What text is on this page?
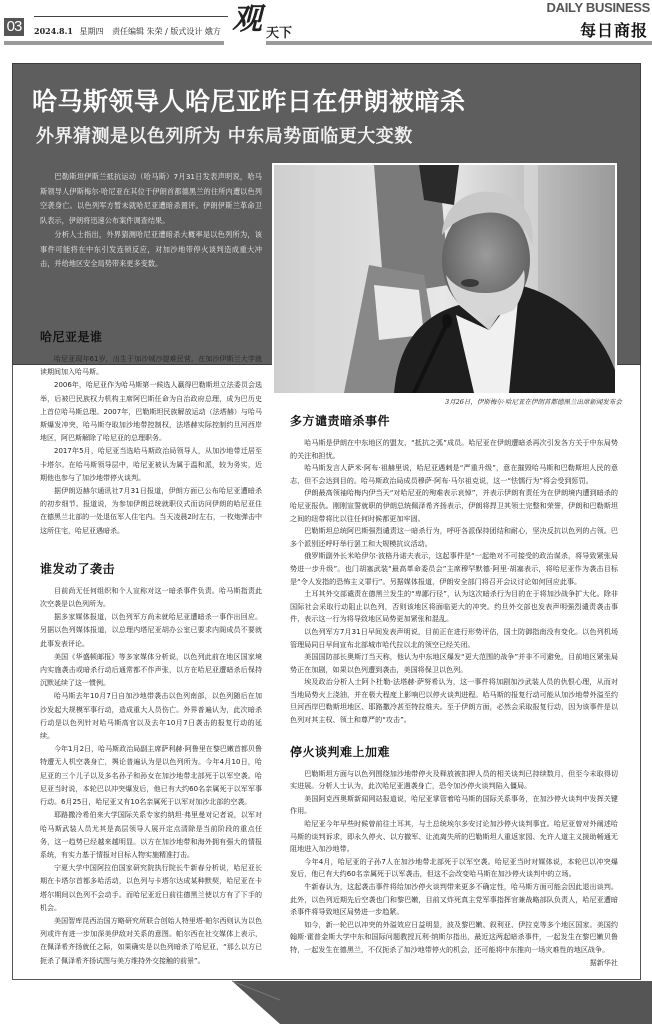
03	2024.8.1 星期四 责任编辑 朱荣 / 版式设计 娥方 观 天下
DAILY BUSINESS
每日商报
哈马斯领导人哈尼亚昨日在伊朗被暗杀
外界猜测是以色列所为 中东局势面临更大变数

巴勒斯坦伊斯兰抵抗运动（哈马斯）7月31日发表声明说，哈马斯领导人伊斯梅尔·哈尼亚在其位于伊朗首都德黑兰的住所内遭以色列空袭身亡。以色列军方暂未就哈尼亚遭暗杀置评。伊朗伊斯兰革命卫队表示，伊朗将迅速公布案件调查结果。

分析人士指出，外界猜测哈尼亚遭暗杀大概率是以色列所为，该事件可能将在中东引发连锁反应，对加沙地带停火谈判造成重大冲击，并给地区安全局势带来更多变数。

3月26日，伊斯梅尔·哈尼亚在伊朗首都德黑兰出席新闻发布会
哈尼亚是谁

哈尼亚现年61岁，出生于加沙城沙提难民营，在加沙伊斯兰大学就读期间加入哈马斯。

2006年，哈尼亚作为哈马斯第一候选人赢得巴勒斯坦立法委员会选举，后被巴民族权力机构主席阿巴斯任命为自治政府总理，成为巴历史上首位哈马斯总理。2007年，巴勒斯坦民族解放运动（法塔赫）与哈马斯爆发冲突，哈马斯夺取加沙地带控制权，法塔赫实际控制约旦河西岸地区，阿巴斯解除了哈尼亚的总理职务。

2017年5月，哈尼亚当选哈马斯政治局领导人，从加沙地带迁居至卡塔尔。在哈马斯领导层中，哈尼亚被认为属于温和派，较为务实，近期他也参与了加沙地带停火谈判。

据伊朗迈赫尔通讯社7月31日报道，伊朗方面已公布哈尼亚遭暗杀的初步细节。报道说，为参加伊朗总统就职仪式而访问伊朗的哈尼亚住在德黑兰北部的一处退伍军人住宅内。当天凌晨2时左右，一枚炮弹击中这所住宅，哈尼亚遇暗杀。

谁发动了袭击

目前尚无任何组织和个人宣称对这一暗杀事件负责。哈马斯指责此次空袭是以色列所为。

据多家媒体报道，以色列军方尚未就哈尼亚遭暗杀一事作出回应。另据以色列媒体报道，以总理内塔尼亚胡办公室已要求内阁成员不要就此事发表评论。

美国《华盛顿邮报》等多家媒体分析说，以色列此前在地区国家境内实施袭击或暗杀行动后通常都不作声张，以方在哈尼亚遭暗杀后保持沉默延续了这一惯例。

哈马斯去年10月7日自加沙地带袭击以色列南部，以色列随后在加沙发起大规模军事行动，造成重大人员伤亡。外界普遍认为，此次暗杀行动是以色列针对哈马斯高官以及去年10月7日袭击的报复行动的延续。

今年1月2日，哈马斯政治局副主席萨利赫·阿鲁里在黎巴嫩首都贝鲁特遭无人机空袭身亡，舆论普遍认为是以色列所为。今年4月10日，哈尼亚的三个儿子以及多名孙子和孙女在加沙地带北部死于以军空袭。哈尼亚当时说，本轮巴以冲突爆发后，他已有大约60名亲属死于以军军事行动。6月25日，哈尼亚又有10名亲属死于以军对加沙北部的空袭。

耶路撒冷希伯来大学国际关系专家约纳坦·弗里曼对记者说，以军对哈马斯武装人员尤其是高层领导人展开定点清除是当前阶段的重点任务，这一趋势已经越来越明显。以方在加沙地带和海外拥有强大的情报系统，有实力基于情报对目标人物实施精准打击。

宁夏大学中国阿拉伯国家研究院执行院长牛新春分析说，哈尼亚长期在卡塔尔首都多哈活动，以色列与卡塔尔达成某种默契，哈尼亚在卡塔尔期间以色列不会动手。而哈尼亚近日前往德黑兰使以方有了下手的机会。

美国智库昆西治国方略研究所联合创始人特里塔·帕尔西则认为以色列或许有进一步加深美伊敌对关系的意图。帕尔西在社交媒体上表示，在佩泽希齐扬就任之际，如果确实是以色列暗杀了哈尼亚，“那么以方已扼杀了佩泽希齐扬试图与美方维持外交接触的前景”。

多方谴责暗杀事件

哈马斯是伊朗在中东地区的盟友、“抵抗之弧”成员。哈尼亚在伊朗遭暗杀再次引发各方关于中东局势的关注和担忧。

哈马斯发言人萨米·阿布·祖赫里说，哈尼亚遇刺是“严重升级”，意在摧毁哈马斯和巴勒斯坦人民的意志，但不会达到目的。哈马斯政治局成员穆萨·阿布·马尔祖克说，这一“怯懦行为”将会受到惩罚。

伊朗最高领袖哈梅内伊当天“对哈尼亚的殉难表示哀悼”，并表示伊朗有责任为在伊朗境内遭到暗杀的哈尼亚报仇。刚刚宣誓就职的伊朗总统佩泽希齐扬表示，伊朗将捍卫其领土完整和荣誉，伊朗和巴勒斯坦之间的纽带将比以往任何时候都更加牢固。

巴勒斯坦总统阿巴斯强烈谴责这一暗杀行为，呼吁各派保持团结和耐心，坚决反抗以色列的占领。巴多个派别还呼吁举行罢工和大规模抗议活动。

俄罗斯副外长米哈伊尔·波格丹诺夫表示，这起事件是“一起绝对不可接受的政治谋杀，将导致紧张局势进一步升级”。也门胡塞武装“最高革命委员会”主席穆罕默德·阿里·胡塞表示，将哈尼亚作为袭击目标是“令人发指的恐怖主义罪行”。另据媒体报道，伊朗安全部门将召开会议讨论如何回应此事。

土耳其外交部谴责在德黑兰发生的“卑鄙行径”，认为这次暗杀行为目的在于将加沙战争扩大化。除非国际社会采取行动阻止以色列，否则该地区将面临更大的冲突。约旦外交部也发表声明强烈谴责袭击事件，表示这一行为将导致地区局势更加紧张和混乱。

以色列军方7月31日早间发表声明说，目前正在进行形势评估，国土防御指南没有变化。以色列机场管理局同日早间宣布北部城市哈代拉以北的领空已经关闭。

美国国防部长奥斯汀当天称，他认为中东地区爆发“更大范围的战争”并非不可避免，目前地区紧张局势正在加剧，如果以色列遭到袭击，美国将保卫以色列。

埃及政治分析人士阿卜杜勒-法塔赫·萨努希认为，这一事件将加剧加沙武装人员的仇恨心理，从而对当地局势火上浇油，并在极大程度上影响巴以停火谈判进程。哈马斯的报复行动可能从加沙地带外溢至约旦河西岸巴勒斯坦地区、耶路撒冷甚至特拉维夫。至于伊朗方面，必然会采取报复行动，因为该事件是以色列对其主权、领土和尊严的“攻击”。

停火谈判难上加难

巴勒斯坦方面与以色列围绕加沙地带停火及释放被扣押人员的相关谈判已持续数月，但至今未取得切实进展。分析人士认为，此次哈尼亚遇袭身亡，恐令加沙停火谈判陷入僵局。

美国阿克西奥斯新闻网站报道说，哈尼亚掌管着哈马斯的国际关系事务，在加沙停火谈判中发挥关键作用。

哈尼亚今年早些时候曾前往土耳其，与土总统埃尔多安讨论加沙停火谈判事宜。哈尼亚曾对外阐述哈马斯的谈判诉求，即永久停火、以方撤军、让流离失所的巴勒斯坦人重返家园、允许人道主义援助畅通无阻地进入加沙地带。

今年4月，哈尼亚的子孙7人在加沙地带北部死于以军空袭。哈尼亚当时对媒体说，本轮巴以冲突爆发后，他已有大约60名亲属死于以军袭击，但这不会改变哈马斯在加沙停火谈判中的立场。

牛新春认为，这起袭击事件将给加沙停火谈判带来更多不确定性，哈马斯方面可能会因此退出谈判。此外，以色列近期先后空袭也门和黎巴嫩，目前又炸死真主党军事指挥官兼战略部队负责人，哈尼亚遭暗杀事件将导致地区局势进一步趋紧。

如今，新一轮巴以冲突的外溢效应日益明显，波及黎巴嫩、叙利亚、伊拉克等多个地区国家。美国约翰斯·霍普金斯大学中东和国际问题教授瓦利·纳斯尔指出，最近这两起暗杀事件，一起发生在黎巴嫩贝鲁特，一起发生在德黑兰，不仅扼杀了加沙地带停火的机会，还可能将中东推向一场灾难性的地区战争。
据新华社
